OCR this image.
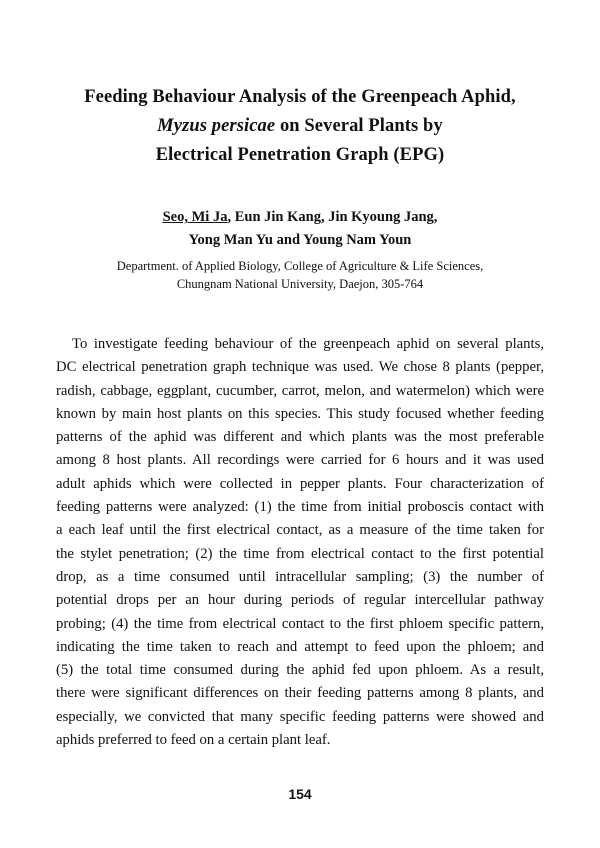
Feeding Behaviour Analysis of the Greenpeach Aphid,
Myzus persicae on Several Plants by
Electrical Penetration Graph (EPG)
Seo, Mi Ja, Eun Jin Kang, Jin Kyoung Jang,
Yong Man Yu and Young Nam Youn
Department. of Applied Biology, College of Agriculture & Life Sciences,
Chungnam National University, Daejon, 305-764
To investigate feeding behaviour of the greenpeach aphid on several plants,
DC electrical penetration graph technique was used. We chose 8 plants (pepper,
radish, cabbage, eggplant, cucumber, carrot, melon, and watermelon) which were
known by main host plants on this species. This study focused whether feeding
patterns of the aphid was different and which plants was the most preferable
among 8 host plants. All recordings were carried for 6 hours and it was used
adult aphids which were collected in pepper plants. Four characterization of
feeding patterns were analyzed: (1) the time from initial proboscis contact with
a each leaf until the first electrical contact, as a measure of the time taken for
the stylet penetration; (2) the time from electrical contact to the first potential
drop, as a time consumed until intracellular sampling; (3) the number of
potential drops per an hour during periods of regular intercellular pathway
probing; (4) the time from electrical contact to the first phloem specific pattern,
indicating the time taken to reach and attempt to feed upon the phloem; and
(5) the total time consumed during the aphid fed upon phloem. As a result,
there were significant differences on their feeding patterns among 8 plants, and
especially, we convicted that many specific feeding patterns were showed and
aphids preferred to feed on a certain plant leaf.
154
